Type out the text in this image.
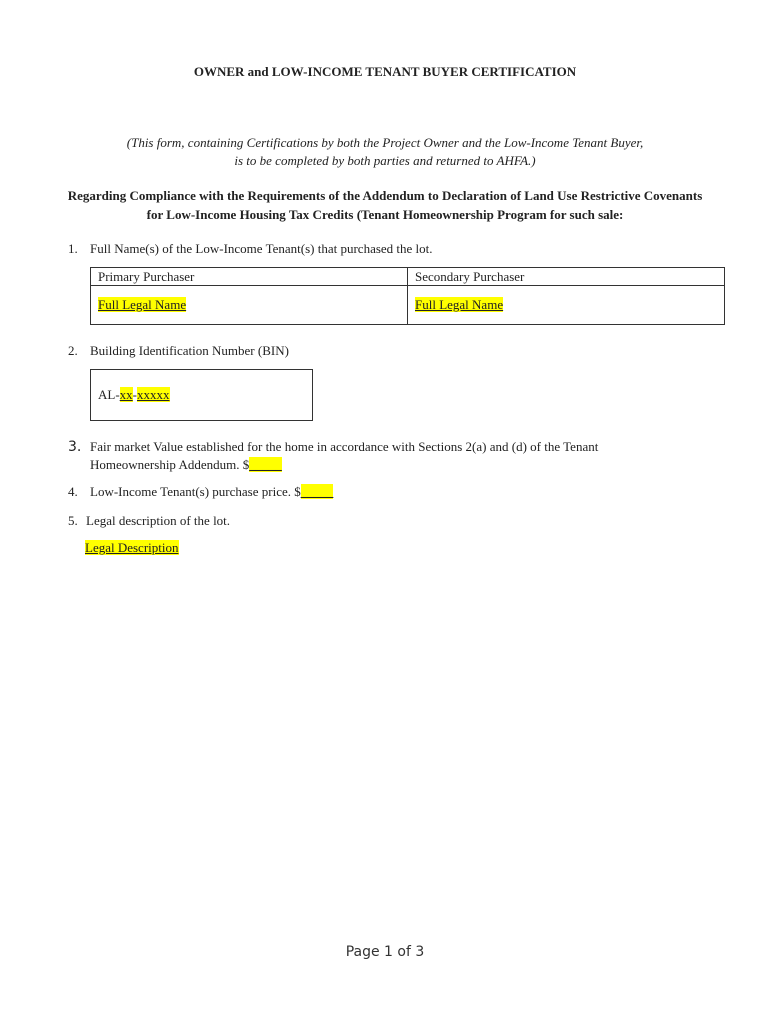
OWNER and LOW-INCOME TENANT BUYER CERTIFICATION
(This form, containing Certifications by both the Project Owner and the Low-Income Tenant Buyer,
is to be completed by both parties and returned to AHFA.)
Regarding Compliance with the Requirements of the Addendum to Declaration of Land Use Restrictive Covenants
for Low-Income Housing Tax Credits (Tenant Homeownership Program for such sale:
1. Full Name(s) of the Low-Income Tenant(s) that purchased the lot.
Primary Purchaser	Secondary Purchaser
Full Legal Name	Full Legal Name
2. Building Identification Number (BIN)
AL-xx-xxxxx
3. Fair market Value established for the home in accordance with Sections 2(a) and (d) of the Tenant
Homeownership Addendum. $_____
4. Low-Income Tenant(s) purchase price. $_____
5. Legal description of the lot.
Legal Description
Page 1 of 3
